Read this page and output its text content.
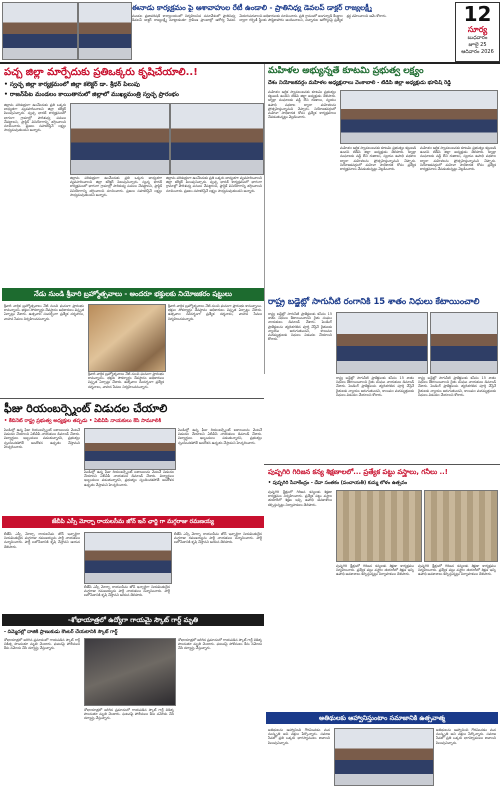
12
సూర్య
బుధవారం
జూలై 25
ఆదివారం 2026
ఈనాడు కార్యక్రమం పై ఆశావాహుల రేటీ ఉండాలి - ప్రాతినిధ్య డెవలప్ డాక్టర్ రాజ్యలక్ష్మీ
మండల ప్రజాపరిషత్ కార్యాలయంలో నిర్వహించిన సమావేశంలో ప్రాతినిధ్య డెవలప్ డాక్టర్ రాజ్యలక్ష్మీ మాట్లాడుతూ గ్రామీణ ప్రాంతాల్లో ఆరోగ్య సేవలు మెరుగుపరచాలని అధికారులకు సూచించారు. ప్రతి గ్రామంలో అంగన్వాడీ కేంద్రాల ద్వారా గర్భిణీ స్త్రీలకు పౌష్టికాహారం అందించాలని, చిన్నారుల ఆరోగ్యంపై ప్రత్యేక శ్రద్ధ వహించాలని ఆమె కోరారు.
పచ్చ జిల్లా మార్పేదుకు ప్రతిఒక్కరు కృషిచేయాలి..!
• స్వచ్ఛ జిల్లా కార్యక్రమంలో జిల్లా కలెక్టర్ డా. శ్రీధర్ పిలుపు
• రాజన్‌పేట మండలం కాయితానులో జిల్లాలో ముఖ్యమంత్రి స్వచ్ఛ ప్రారంభం
జిల్లాను పరిశుభ్రంగా ఉంచేందుకు ప్రతి ఒక్కరు బాధ్యతగా వ్యవహరించాలని జిల్లా కలెక్టర్ పిలుపునిచ్చారు. స్వచ్ఛ భారత్ కార్యక్రమంలో భాగంగా గ్రామాల్లో పారిశుధ్య పనులు చేపట్టాలని, ప్లాస్టిక్ వినియోగాన్ని తగ్గించాలని సూచించారు. ప్రజలు సహకరిస్తేనే లక్ష్యం సాధ్యమవుతుందని అన్నారు.
జిల్లాను పరిశుభ్రంగా ఉంచేందుకు ప్రతి ఒక్కరు బాధ్యతగా వ్యవహరించాలని జిల్లా కలెక్టర్ పిలుపునిచ్చారు. స్వచ్ఛ భారత్ కార్యక్రమంలో భాగంగా గ్రామాల్లో పారిశుధ్య పనులు చేపట్టాలని, ప్లాస్టిక్ వినియోగాన్ని తగ్గించాలని సూచించారు. ప్రజలు సహకరిస్తేనే లక్ష్యం సాధ్యమవుతుందని అన్నారు.
జిల్లాను పరిశుభ్రంగా ఉంచేందుకు ప్రతి ఒక్కరు బాధ్యతగా వ్యవహరించాలని జిల్లా కలెక్టర్ పిలుపునిచ్చారు. స్వచ్ఛ భారత్ కార్యక్రమంలో భాగంగా గ్రామాల్లో పారిశుధ్య పనులు చేపట్టాలని, ప్లాస్టిక్ వినియోగాన్ని తగ్గించాలని సూచించారు. ప్రజలు సహకరిస్తేనే లక్ష్యం సాధ్యమవుతుందని అన్నారు.
మహిళల అభ్యున్నతే కూటమి ప్రభుత్వ లక్ష్యం
దేశం నియోజకవర్గం మహిళల అధ్యక్షురాలు వెంకాబాలి - టిడిపి జిల్లా అధ్యక్షుడు భూపేష్ రెడ్డి
మహిళల ఆర్థిక స్వావలంబనకు కూటమి ప్రభుత్వం కట్టుబడి ఉందని టిడిపి జిల్లా అధ్యక్షుడు తెలిపారు. డ్వాక్రా సంఘాలకు వడ్డీ లేని రుణాలు, స్వయం ఉపాధి పథకాల ద్వారా మహిళలను ప్రోత్సహిస్తున్నామని చెప్పారు. నియోజకవర్గంలో మహిళా సాధికారత కోసం ప్రత్యేక కార్యక్రమాలు చేపడుతున్నట్లు వెల్లడించారు.
మహిళల ఆర్థిక స్వావలంబనకు కూటమి ప్రభుత్వం కట్టుబడి ఉందని టిడిపి జిల్లా అధ్యక్షుడు తెలిపారు. డ్వాక్రా సంఘాలకు వడ్డీ లేని రుణాలు, స్వయం ఉపాధి పథకాల ద్వారా మహిళలను ప్రోత్సహిస్తున్నామని చెప్పారు. నియోజకవర్గంలో మహిళా సాధికారత కోసం ప్రత్యేక కార్యక్రమాలు చేపడుతున్నట్లు వెల్లడించారు.
మహిళల ఆర్థిక స్వావలంబనకు కూటమి ప్రభుత్వం కట్టుబడి ఉందని టిడిపి జిల్లా అధ్యక్షుడు తెలిపారు. డ్వాక్రా సంఘాలకు వడ్డీ లేని రుణాలు, స్వయం ఉపాధి పథకాల ద్వారా మహిళలను ప్రోత్సహిస్తున్నామని చెప్పారు. నియోజకవర్గంలో మహిళా సాధికారత కోసం ప్రత్యేక కార్యక్రమాలు చేపడుతున్నట్లు వెల్లడించారు.
నేడు నుండి శ్రీవారి బ్రహ్మోత్సవాలు - అందరూ భక్తులకు నియోజకరం షట్టులు
శ్రీవారి వార్షిక బ్రహ్మోత్సవాలు నేటి నుంచి ఘనంగా ప్రారంభం కానున్నాయి. భక్తుల సౌకర్యార్థం దేవస్థానం అధికారులు విస్తృత ఏర్పాట్లు చేశారు. ఉత్సవాల సందర్భంగా ప్రత్యేక దర్శనాలు, వాహన సేవలు నిర్వహించనున్నారు.
శ్రీవారి వార్షిక బ్రహ్మోత్సవాలు నేటి నుంచి ఘనంగా ప్రారంభం కానున్నాయి. భక్తుల సౌకర్యార్థం దేవస్థానం అధికారులు విస్తృత ఏర్పాట్లు చేశారు. ఉత్సవాల సందర్భంగా ప్రత్యేక దర్శనాలు, వాహన సేవలు నిర్వహించనున్నారు.
శ్రీవారి వార్షిక బ్రహ్మోత్సవాలు నేటి నుంచి ఘనంగా ప్రారంభం కానున్నాయి. భక్తుల సౌకర్యార్థం దేవస్థానం అధికారులు విస్తృత ఏర్పాట్లు చేశారు. ఉత్సవాల సందర్భంగా ప్రత్యేక దర్శనాలు, వాహన సేవలు నిర్వహించనున్నారు.
రాష్ట్ర బడ్జెట్లో సాగునీటి రంగానికి 15 శాతం నిధులు కేటాయించాలి
రాష్ట్ర బడ్జెట్లో సాగునీటి ప్రాజెక్టులకు కనీసం 15 శాతం నిధులు కేటాయించాలని రైతు సంఘం నాయకులు డిమాండ్ చేశారు. పెండింగ్ ప్రాజెక్టులను త్వరితగతిన పూర్తి చేస్తేనే రైతులకు న్యాయం జరుగుతుందని, కాలువల మరమ్మత్తులకు నిధులు విడుదల చేయాలని కోరారు.
రాష్ట్ర బడ్జెట్లో సాగునీటి ప్రాజెక్టులకు కనీసం 15 శాతం నిధులు కేటాయించాలని రైతు సంఘం నాయకులు డిమాండ్ చేశారు. పెండింగ్ ప్రాజెక్టులను త్వరితగతిన పూర్తి చేస్తేనే రైతులకు న్యాయం జరుగుతుందని, కాలువల మరమ్మత్తులకు నిధులు విడుదల చేయాలని కోరారు.
రాష్ట్ర బడ్జెట్లో సాగునీటి ప్రాజెక్టులకు కనీసం 15 శాతం నిధులు కేటాయించాలని రైతు సంఘం నాయకులు డిమాండ్ చేశారు. పెండింగ్ ప్రాజెక్టులను త్వరితగతిన పూర్తి చేస్తేనే రైతులకు న్యాయం జరుగుతుందని, కాలువల మరమ్మత్తులకు నిధులు విడుదల చేయాలని కోరారు.
ఫీజు రియంబర్స్మెంట్ విడుదల చేయాలి
• కేబినెట్ రాష్ట్ర ప్రభుత్వ అధ్యక్షుల తప్పడు • ఏబీవీపీ నాయకులు కేసి సామూలికి
పెండింగ్లో ఉన్న ఫీజు రియంబర్స్మెంట్ బకాయిలను వెంటనే విడుదల చేయాలని ఏబీవీపీ నాయకులు డిమాండ్ చేశారు. విద్యార్థులు ఇబ్బందులు పడుతున్నారని, ప్రభుత్వం స్పందించకపోతే ఆందోళన ఉధృతం చేస్తామని హెచ్చరించారు.
పెండింగ్లో ఉన్న ఫీజు రియంబర్స్మెంట్ బకాయిలను వెంటనే విడుదల చేయాలని ఏబీవీపీ నాయకులు డిమాండ్ చేశారు. విద్యార్థులు ఇబ్బందులు పడుతున్నారని, ప్రభుత్వం స్పందించకపోతే ఆందోళన ఉధృతం చేస్తామని హెచ్చరించారు.
పెండింగ్లో ఉన్న ఫీజు రియంబర్స్మెంట్ బకాయిలను వెంటనే విడుదల చేయాలని ఏబీవీపీ నాయకులు డిమాండ్ చేశారు. విద్యార్థులు ఇబ్బందులు పడుతున్నారని, ప్రభుత్వం స్పందించకపోతే ఆందోళన ఉధృతం చేస్తామని హెచ్చరించారు.
పుష్పగిరి గిరిజన కన్య శిక్షణాలలో... ప్రత్యేక పట్టు వస్త్రాలు, గనీలు ..!
• పుష్పగిరి సేవాకేంద్రం - దేవా సంతకం (పంచాయతీ) కుమ్మ లోళం ఉత్సవం
పుష్పగిరి క్షేత్రంలో గిరిజన కన్యలకు శిక్షణా కార్యక్రమం నిర్వహించారు. ప్రత్యేక పట్టు వస్త్రాల తయారీలో శిక్షణ ఇచ్చి ఉపాధి అవకాశాలు కల్పిస్తున్నట్లు నిర్వాహకులు తెలిపారు.
పుష్పగిరి క్షేత్రంలో గిరిజన కన్యలకు శిక్షణా కార్యక్రమం నిర్వహించారు. ప్రత్యేక పట్టు వస్త్రాల తయారీలో శిక్షణ ఇచ్చి ఉపాధి అవకాశాలు కల్పిస్తున్నట్లు నిర్వాహకులు తెలిపారు.
పుష్పగిరి క్షేత్రంలో గిరిజన కన్యలకు శిక్షణా కార్యక్రమం నిర్వహించారు. ప్రత్యేక పట్టు వస్త్రాల తయారీలో శిక్షణ ఇచ్చి ఉపాధి అవకాశాలు కల్పిస్తున్నట్లు నిర్వాహకులు తెలిపారు.
జేబీపి ఎస్సీ మోర్చా రాయలసీమ జోన్ ఇన్ ఛార్జి గా మగ్గరాజు రమణయ్య
బీజేపీ ఎస్సీ మోర్చా రాయలసీమ జోన్ ఇన్చార్జిగా నియమితులైన మగ్గరాజు రమణయ్యను పార్టీ నాయకులు సన్మానించారు. పార్టీ బలోపేతానికి కృషి చేస్తానని ఆయన తెలిపారు.
బీజేపీ ఎస్సీ మోర్చా రాయలసీమ జోన్ ఇన్చార్జిగా నియమితులైన మగ్గరాజు రమణయ్యను పార్టీ నాయకులు సన్మానించారు. పార్టీ బలోపేతానికి కృషి చేస్తానని ఆయన తెలిపారు.
బీజేపీ ఎస్సీ మోర్చా రాయలసీమ జోన్ ఇన్చార్జిగా నియమితులైన మగ్గరాజు రమణయ్యను పార్టీ నాయకులు సన్మానించారు. పార్టీ బలోపేతానికి కృషి చేస్తానని ఆయన తెలిపారు.
-శోభాయాత్రలో ఉద్యోగా గాయమై స్కౌట్ గార్డ్ మృతి
- దిమ్మెదల్లో దాజికి ప్రాణుకుడు కౌంటర్ చేయటానికి స్కౌట్ గార్డ్
శోభాయాత్రలో జరిగిన ప్రమాదంలో గాయపడిన స్కౌట్ గార్డ్ చికిత్స పొందుతూ మృతి చెందారు. ఘటనపై పోలీసులు కేసు నమోదు చేసి దర్యాప్తు చేస్తున్నారు.
శోభాయాత్రలో జరిగిన ప్రమాదంలో గాయపడిన స్కౌట్ గార్డ్ చికిత్స పొందుతూ మృతి చెందారు. ఘటనపై పోలీసులు కేసు నమోదు చేసి దర్యాప్తు చేస్తున్నారు.
శోభాయాత్రలో జరిగిన ప్రమాదంలో గాయపడిన స్కౌట్ గార్డ్ చికిత్స పొందుతూ మృతి చెందారు. ఘటనపై పోలీసులు కేసు నమోదు చేసి దర్యాప్తు చేస్తున్నారు.	అతిథులకు ఆహ్వానిస్తుంటాం సమాజానికి ఉత్సవాత్మ
అతిథులను ఆహ్వానించి గౌరవించడం మన సంస్కృతి అని వక్తలు పేర్కొన్నారు. సమాజ సేవలో ప్రతి ఒక్కరు భాగస్వాములు కావాలని పిలుపునిచ్చారు.
అతిథులను ఆహ్వానించి గౌరవించడం మన సంస్కృతి అని వక్తలు పేర్కొన్నారు. సమాజ సేవలో ప్రతి ఒక్కరు భాగస్వాములు కావాలని పిలుపునిచ్చారు.
